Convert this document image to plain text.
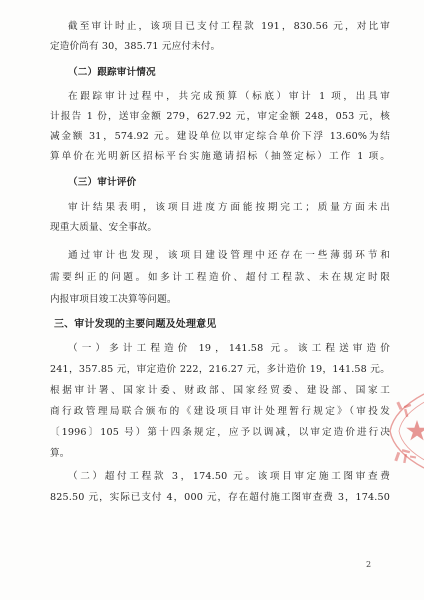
截至审计时止，该项目已支付工程款 191，830.56 元，对比审
定造价尚有 30，385.71 元应付未付。
（二）跟踪审计情况
在跟踪审计过程中，共完成预算（标底）审计 1 项，出具审
计报告 1 份，送审金额 279，627.92 元，审定金额 248，053 元，核
减金额 31，574.92 元。建设单位以审定综合单价下浮 13.60%为结
算单价在光明新区招标平台实施邀请招标（抽签定标）工作 1 项。
（三）审计评价
审计结果表明，该项目进度方面能按期完工；质量方面未出
现重大质量、安全事故。
通过审计也发现，该项目建设管理中还存在一些薄弱环节和
需要纠正的问题。如多计工程造价、超付工程款、未在规定时限
内报审项目竣工决算等问题。
三、审计发现的主要问题及处理意见
（一）多计工程造价 19，141.58 元。该工程送审造价
241，357.85 元，审定造价 222，216.27 元，多计造价 19，141.58 元。
根据审计署、国家计委、财政部、国家经贸委、建设部、国家工
商行政管理局联合颁布的《建设项目审计处理暂行规定》（审投发
〔1996〕105 号）第十四条规定，应予以调减，以审定造价进行决
算。
（二）超付工程款 3，174.50 元。该项目审定施工图审查费
825.50 元，实际已支付 4，000 元，存在超付施工图审查费 3，174.50
2
